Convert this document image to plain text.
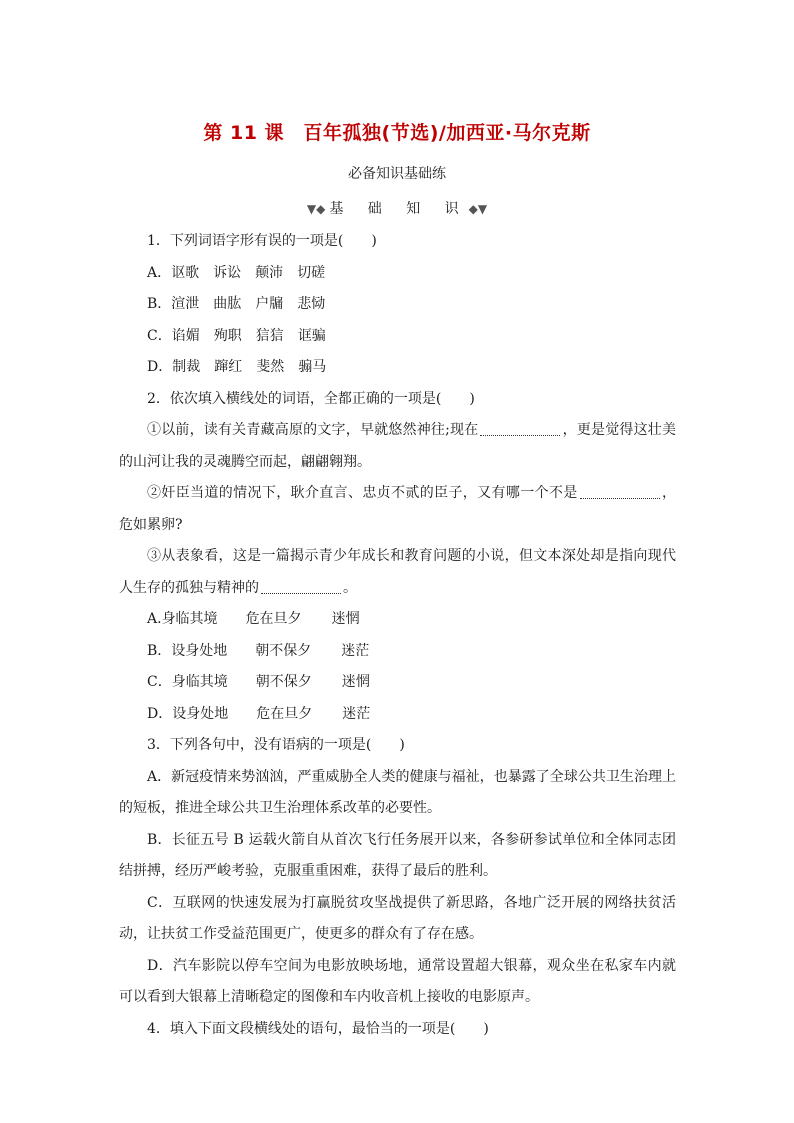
第 11 课　百年孤独(节选)/加西亚·马尔克斯
必备知识基础练
▼◆ 基 础 知 识◆▼
1．下列词语字形有误的一项是(　　)
A．讴歌 诉讼 颠沛 切磋
B．渲泄 曲肱 户牖 悲恸
C．谄媚 殉职 狺狺 诓骗
D．制裁 蹿红 斐然 骟马
2．依次填入横线处的词语，全都正确的一项是(　　)
①以前，读有关青藏高原的文字，早就悠然神往;现在	，更是觉得这壮美的山河让我的灵魂腾空而起，翩翩翱翔。
②奸臣当道的情况下，耿介直言、忠贞不贰的臣子，又有哪一个不是	，危如累卵?
③从表象看，这是一篇揭示青少年成长和教育问题的小说，但文本深处却是指向现代人生存的孤独与精神的	。
A.身临其境 危在旦夕 迷惘
B．设身处地 朝不保夕 迷茫
C．身临其境 朝不保夕 迷惘
D．设身处地 危在旦夕 迷茫
3．下列各句中，没有语病的一项是(　　)
A．新冠疫情来势汹汹，严重威胁全人类的健康与福祉，也暴露了全球公共卫生治理上的短板，推进全球公共卫生治理体系改革的必要性。
B．长征五号 B 运载火箭自从首次飞行任务展开以来，各参研参试单位和全体同志团结拼搏，经历严峻考验，克服重重困难，获得了最后的胜利。
C．互联网的快速发展为打赢脱贫攻坚战提供了新思路，各地广泛开展的网络扶贫活动，让扶贫工作受益范围更广，使更多的群众有了存在感。
D．汽车影院以停车空间为电影放映场地，通常设置超大银幕，观众坐在私家车内就可以看到大银幕上清晰稳定的图像和车内收音机上接收的电影原声。
4．填入下面文段横线处的语句，最恰当的一项是(　　)
